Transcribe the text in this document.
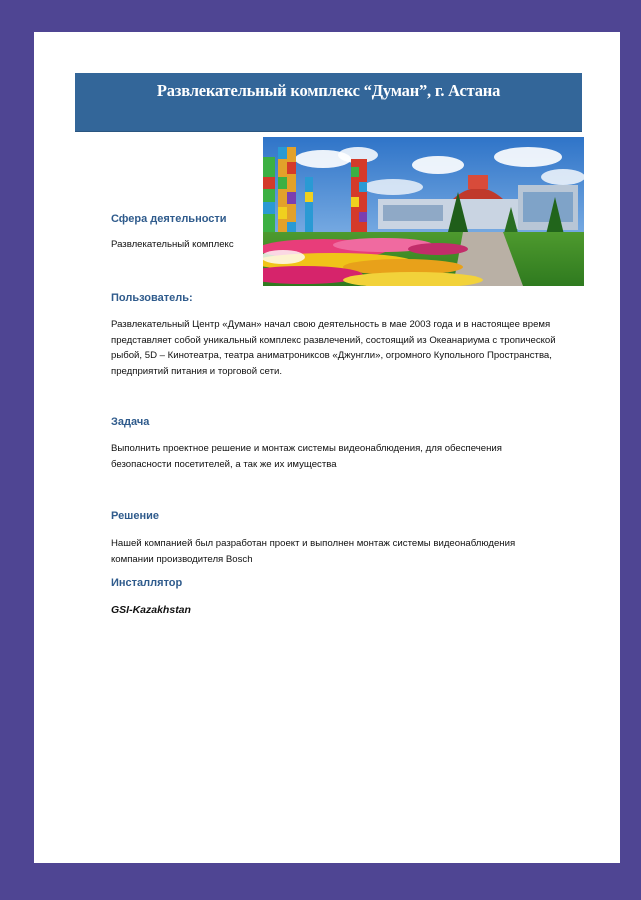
Развлекательный комплекс “Думан”, г. Астана
Сфера деятельности

Развлекательный комплекс

Пользователь:

Развлекательный Центр «Думан» начал свою деятельность в мае 2003 года и в настоящее время представляет собой уникальный комплекс развлечений, состоящий из Океанариума с тропической рыбой, 5D – Кинотеатра, театра аниматрониксов «Джунгли», огромного Купольного Пространства, предприятий питания и торговой сети.

Задача

Выполнить проектное решение и монтаж системы видеонаблюдения, для обеспечения безопасности посетителей, а так же их имущества

Решение

Нашей компанией был разработан проект и выполнен монтаж системы видеонаблюдения компании производителя Bosch

Инсталлятор
GSI-Kazakhstan
